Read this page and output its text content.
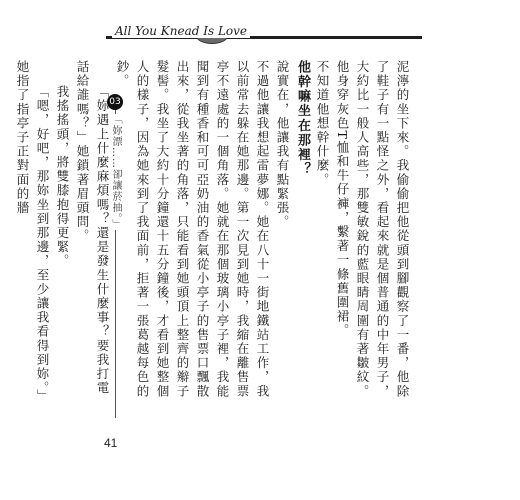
All You Knead Is Love
03
「妳漂……卻讓菸抽。」	泥濘的坐下來。我偷偷把他從頭到腳觀察了一番，他除了鞋子有一點怪之外，看起來就是個普通的中年男子，大約比一般人高些，那雙敏銳的藍眼睛周圍有著皺紋。他身穿灰色T恤和牛仔褲，繫著一條舊圍裙。

不知道他想幹什麼。

他幹嘛坐在那裡？

說實在，他讓我有點緊張。

不過他讓我想起雷夢娜。她在八十一街地鐵站工作，我以前常去躲在她那邊。第一次見到她時，我縮在離售票亭不遠處的一個角落。她就在那個玻璃小亭子裡，我能聞到有種香和可可亞奶油的香氣從小亭子的售票口飄散出來，從我坐著的角落，只能看到她頭頂上整齊的辮子髮髻。我坐了大約十分鐘還十五分鐘後，才看到她整個人的樣子，因為她來到了我面前，拒著一張葛越每色的鈔。

「妳遇上什麼麻煩嗎？還是發生什麼事？要我打電話給誰嗎？」她鎖著眉頭問。

我搖搖頭，將雙膝抱得更緊。

「嗯，好吧，那妳坐到那邊，至少讓我看得到妳。」她指了指亭子正對面的牆

41
